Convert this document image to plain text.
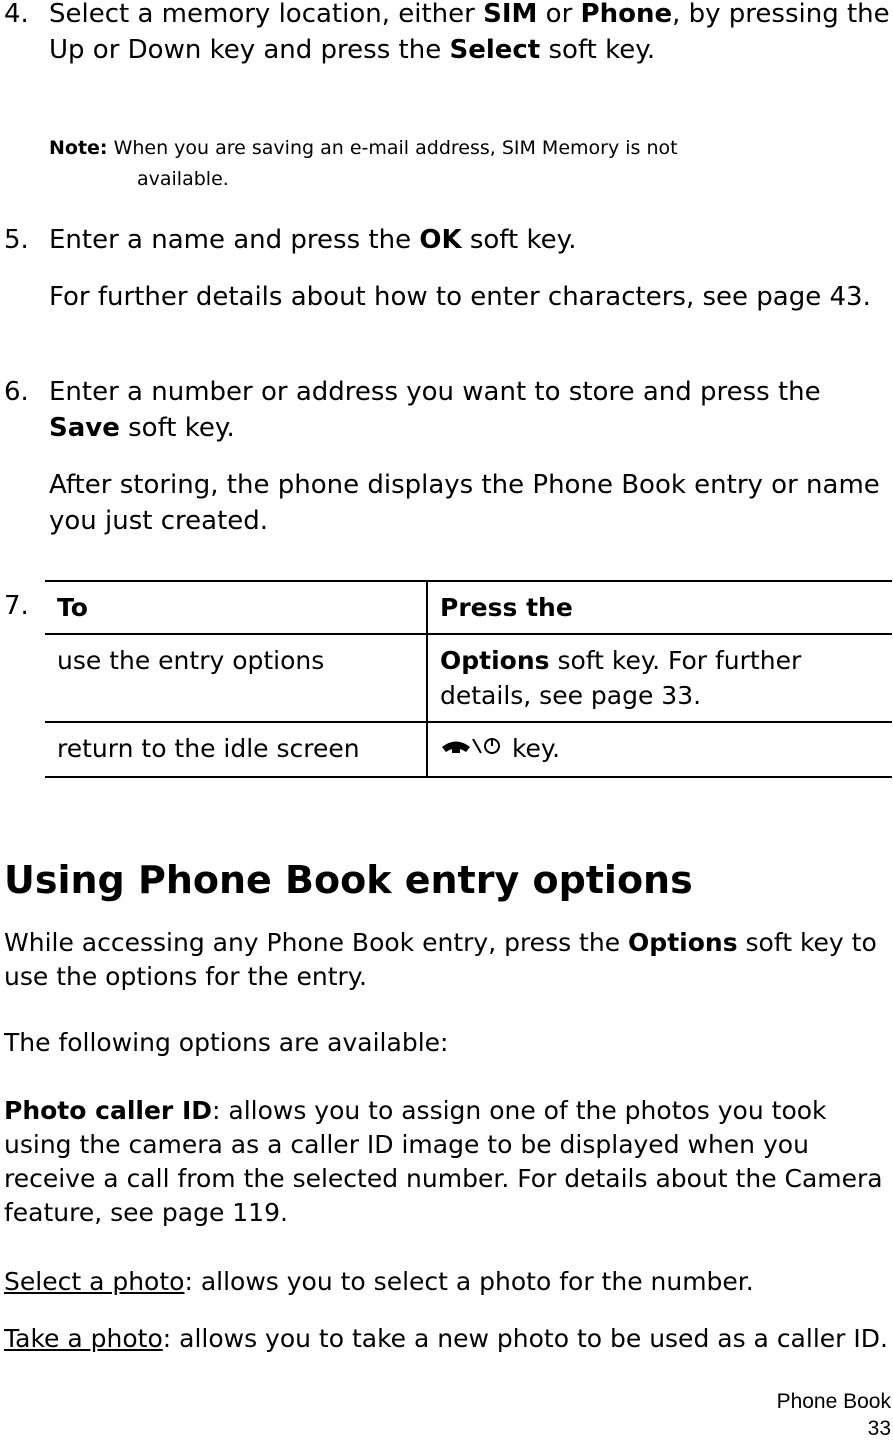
4. Select a memory location, either SIM or Phone, by pressing the Up or Down key and press the Select soft key.

Note: When you are saving an e-mail address, SIM Memory is not
available.
5. Enter a name and press the OK soft key.

For further details about how to enter characters, see page 43.

6. Enter a number or address you want to store and press the Save soft key.

After storing, the phone displays the Phone Book entry or name you just created.

7. To	Press the
use the entry options	Options soft key. For further details, see page 33.
return to the idle screen	key.
Using Phone Book entry options

While accessing any Phone Book entry, press the Options soft key to use the options for the entry.

The following options are available:

Photo caller ID: allows you to assign one of the photos you took using the camera as a caller ID image to be displayed when you receive a call from the selected number. For details about the Camera feature, see page 119.

Select a photo: allows you to select a photo for the number.

Take a photo: allows you to take a new photo to be used as a caller ID.

Phone Book
33
